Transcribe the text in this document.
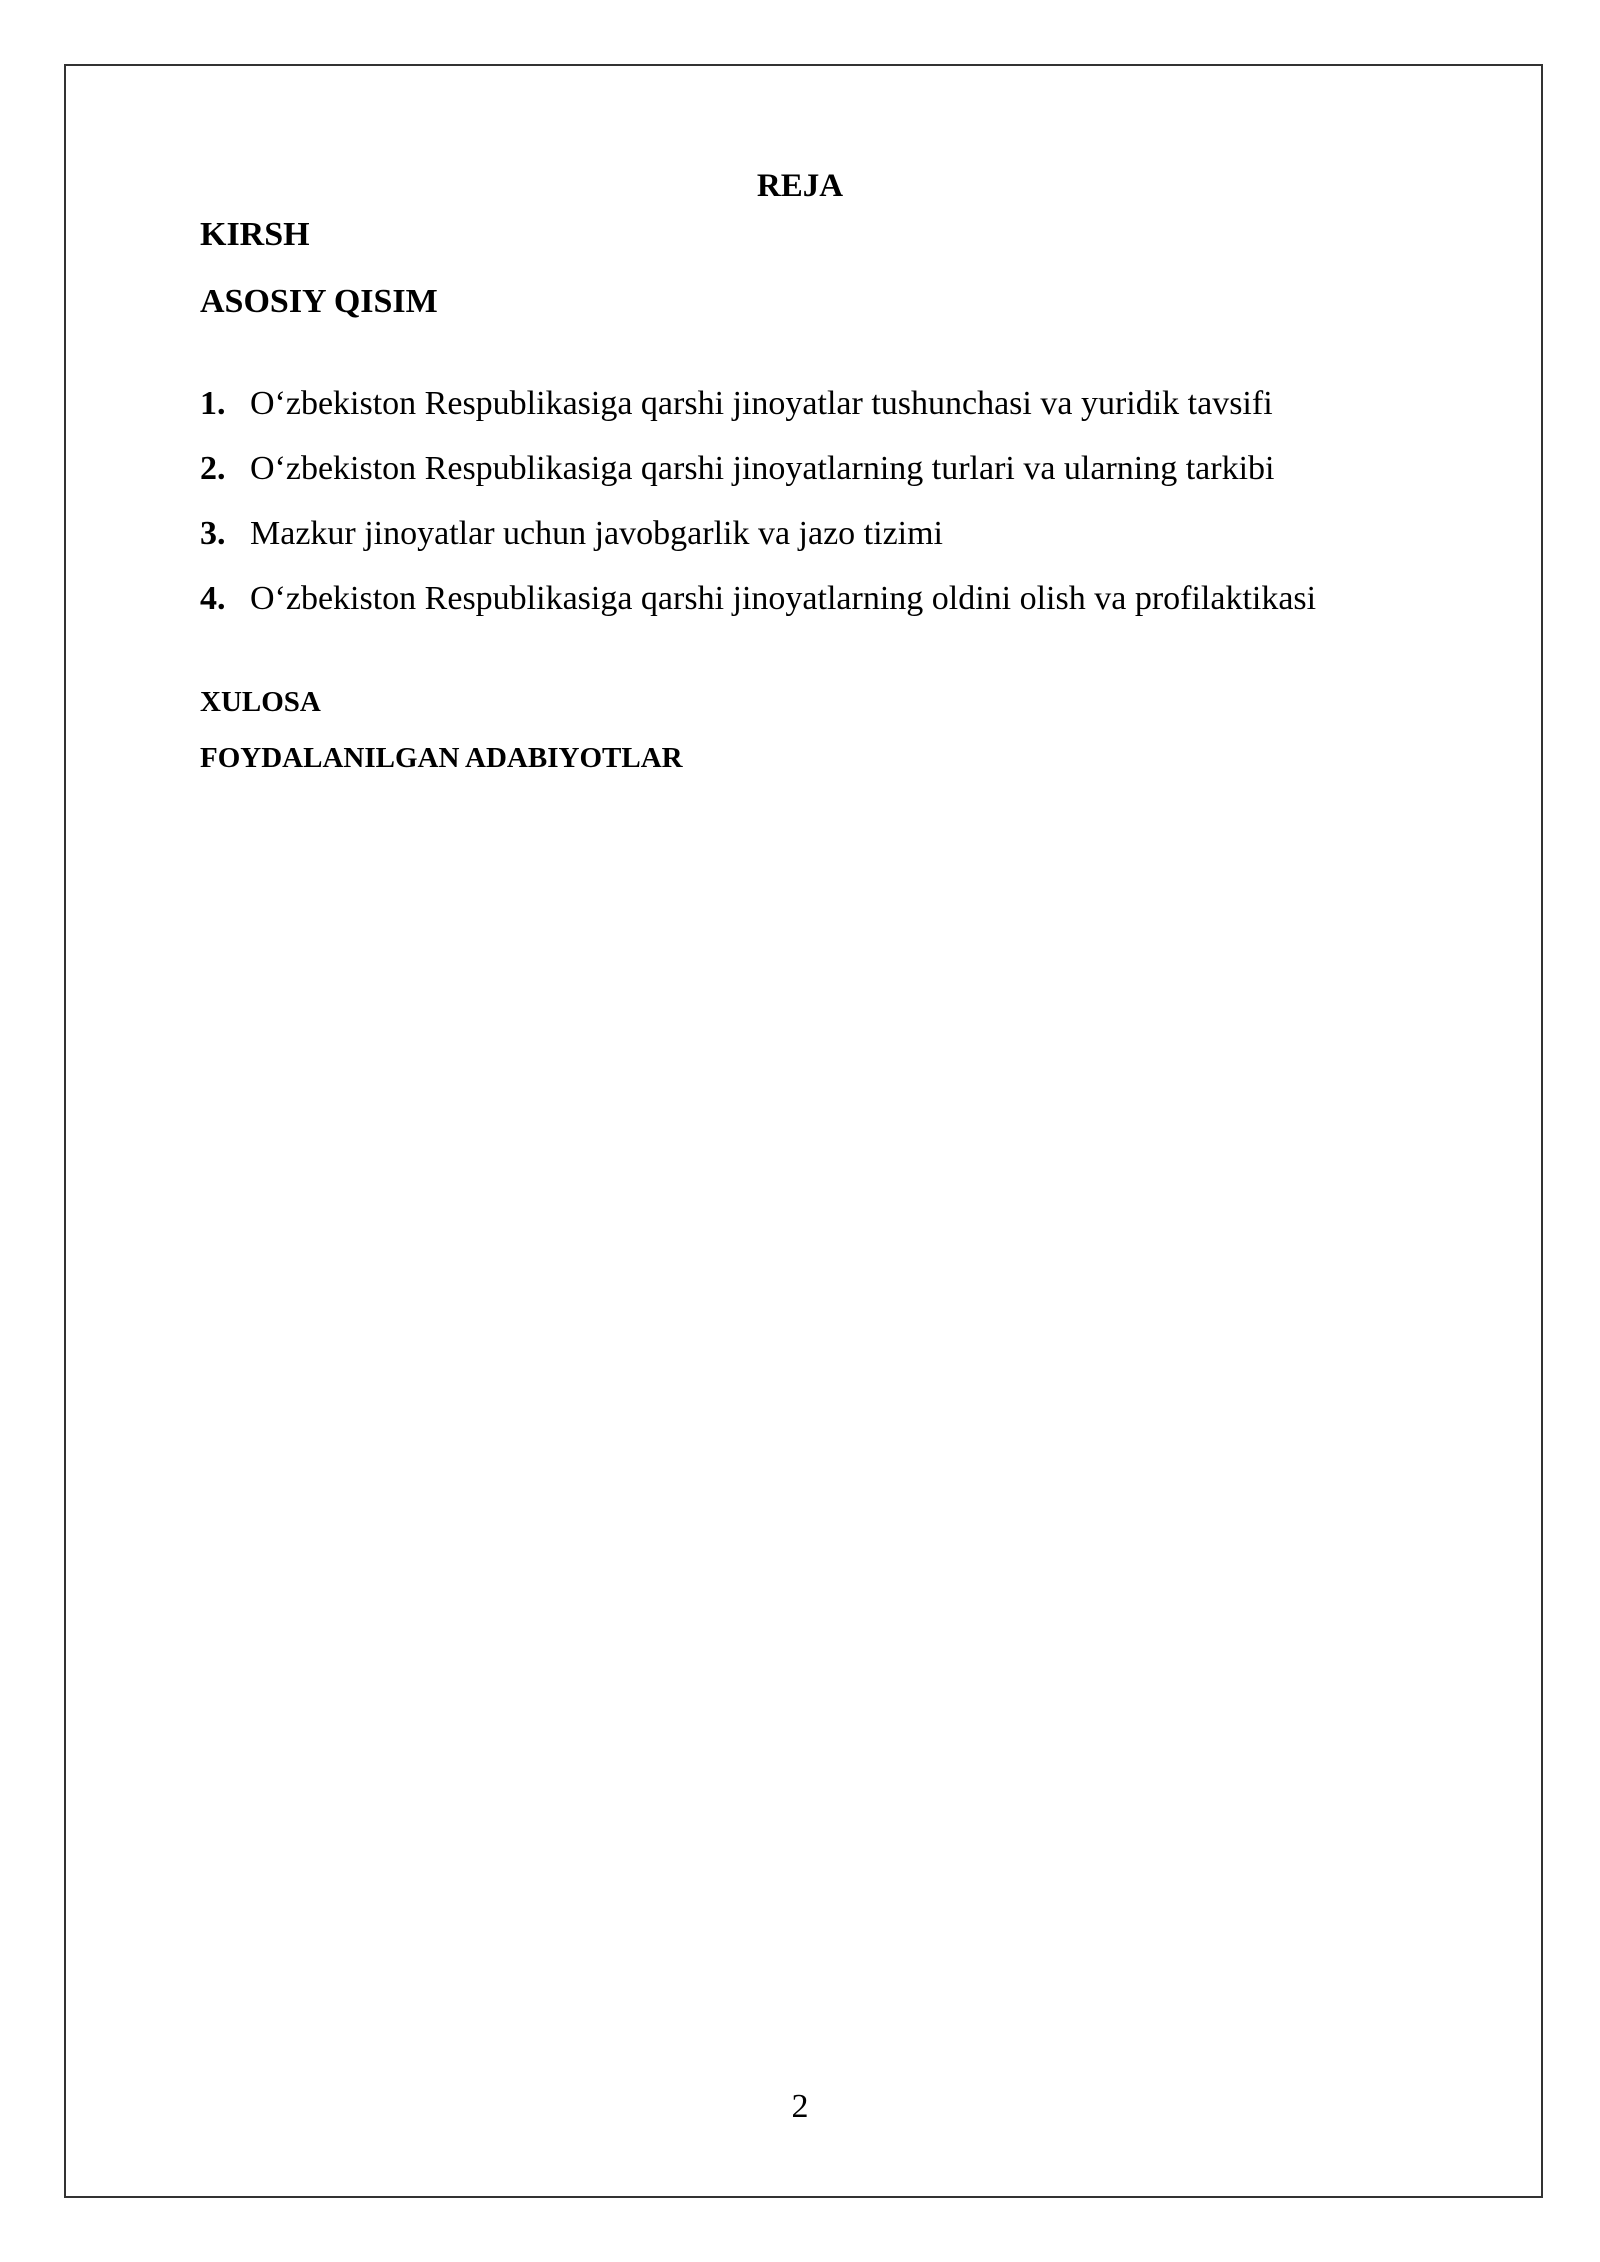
REJA
KIRSH
ASOSIY QISIM
1. O‘zbekiston Respublikasiga qarshi jinoyatlar tushunchasi va yuridik tavsifi
2. O‘zbekiston Respublikasiga qarshi jinoyatlarning turlari va ularning tarkibi
3. Mazkur jinoyatlar uchun javobgarlik va jazo tizimi
4. O‘zbekiston Respublikasiga qarshi jinoyatlarning oldini olish va profilaktikasi
XULOSA
FOYDALANILGAN ADABIYOTLAR
2
